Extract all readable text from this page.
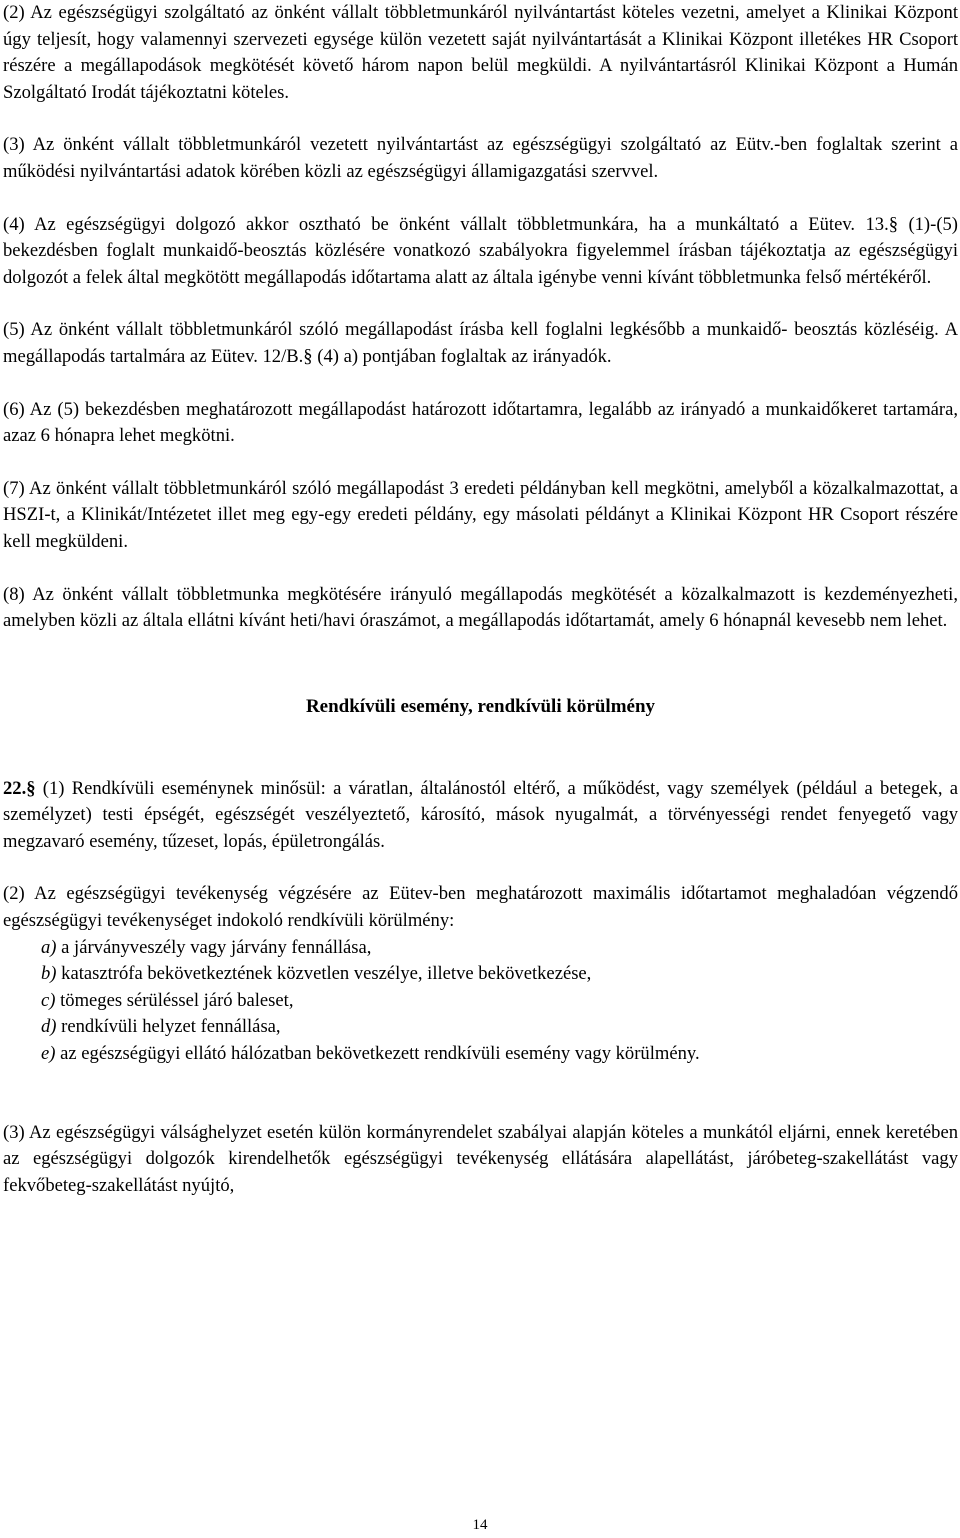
(2) Az egészségügyi szolgáltató az önként vállalt többletmunkáról nyilvántartást köteles vezetni, amelyet a Klinikai Központ úgy teljesít, hogy valamennyi szervezeti egysége külön vezetett saját nyilvántartását a Klinikai Központ illetékes HR Csoport részére a megállapodások megkötését követő három napon belül megküldi. A nyilvántartásról Klinikai Központ a Humán Szolgáltató Irodát tájékoztatni köteles.

(3) Az önként vállalt többletmunkáról vezetett nyilvántartást az egészségügyi szolgáltató az Eütv.-ben foglaltak szerint a működési nyilvántartási adatok körében közli az egészségügyi államigazgatási szervvel.

(4) Az egészségügyi dolgozó akkor osztható be önként vállalt többletmunkára, ha a munkáltató a Eütev. 13.§ (1)-(5) bekezdésben foglalt munkaidő-beosztás közlésére vonatkozó szabályokra figyelemmel írásban tájékoztatja az egészségügyi dolgozót a felek által megkötött megállapodás időtartama alatt az általa igénybe venni kívánt többletmunka felső mértékéről.

(5) Az önként vállalt többletmunkáról szóló megállapodást írásba kell foglalni legkésőbb a munkaidő- beosztás közléséig. A megállapodás tartalmára az Eütev. 12/B.§ (4) a) pontjában foglaltak az irányadók.

(6) Az (5) bekezdésben meghatározott megállapodást határozott időtartamra, legalább az irányadó a munkaidőkeret tartamára, azaz 6 hónapra lehet megkötni.

(7) Az önként vállalt többletmunkáról szóló megállapodást 3 eredeti példányban kell megkötni, amelyből a közalkalmazottat, a HSZI-t, a Klinikát/Intézetet illet meg egy-egy eredeti példány, egy másolati példányt a Klinikai Központ HR Csoport részére kell megküldeni.

(8) Az önként vállalt többletmunka megkötésére irányuló megállapodás megkötését a közalkalmazott is kezdeményezheti, amelyben közli az általa ellátni kívánt heti/havi óraszámot, a megállapodás időtartamát, amely 6 hónapnál kevesebb nem lehet.

Rendkívüli esemény, rendkívüli körülmény

22.§ (1) Rendkívüli eseménynek minősül: a váratlan, általánostól eltérő, a működést, vagy személyek (például a betegek, a személyzet) testi épségét, egészségét veszélyeztető, károsító, mások nyugalmát, a törvényességi rendet fenyegető vagy megzavaró esemény, tűzeset, lopás, épületrongálás.

(2) Az egészségügyi tevékenység végzésére az Eütev-ben meghatározott maximális időtartamot meghaladóan végzendő egészségügyi tevékenységet indokoló rendkívüli körülmény:

a) a járványveszély vagy járvány fennállása,
b) katasztrófa bekövetkeztének közvetlen veszélye, illetve bekövetkezése,
c) tömeges sérüléssel járó baleset,
d) rendkívüli helyzet fennállása,
e) az egészségügyi ellátó hálózatban bekövetkezett rendkívüli esemény vagy körülmény.

(3) Az egészségügyi válsághelyzet esetén külön kormányrendelet szabályai alapján köteles a munkától eljárni, ennek keretében az egészségügyi dolgozók kirendelhetők egészségügyi tevékenység ellátására alapellátást, járóbeteg-szakellátást vagy fekvőbeteg-szakellátást nyújtó,

14
